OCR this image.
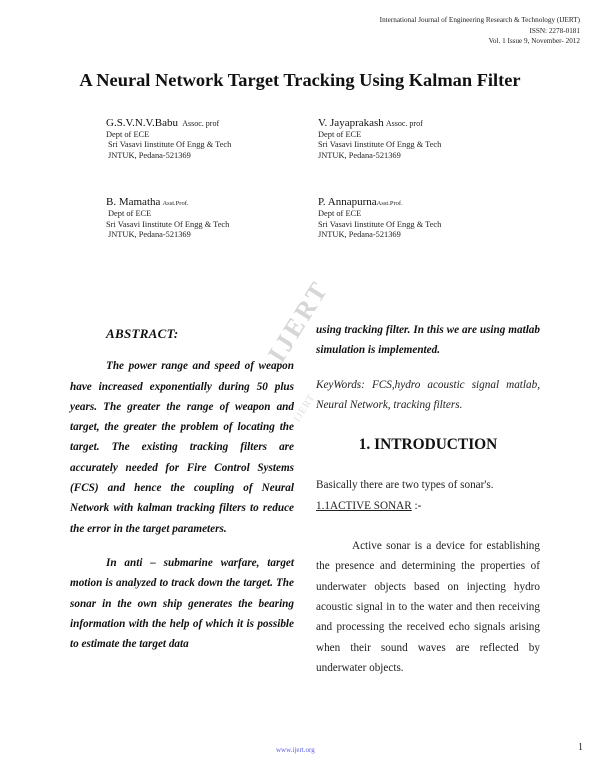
International Journal of Engineering Research & Technology (IJERT)
ISSN: 2278-0181
Vol. 1 Issue 9, November- 2012
A Neural Network Target Tracking Using Kalman Filter
G.S.V.N.V.Babu Assoc. prof
Dept of ECE
Sri Vasavi Iinstitute Of Engg & Tech
JNTUK, Pedana-521369
V. Jayaprakash Assoc. prof
Dept of ECE
Sri Vasavi Iinstitute Of Engg & Tech
JNTUK, Pedana-521369
B. Mamatha Asst.Prof.
Dept of ECE
Sri Vasavi Iinstitute Of Engg & Tech
JNTUK, Pedana-521369
P. AnnapurnaAsst.Prof.
Dept of ECE
Sri Vasavi Iinstitute Of Engg & Tech
JNTUK, Pedana-521369
IJERT
IJERT
ABSTRACT:

The power range and speed of weapon have increased exponentially during 50 plus years. The greater the range of weapon and target, the greater the problem of locating the target. The existing tracking filters are accurately needed for Fire Control Systems (FCS) and hence the coupling of Neural Network with kalman tracking filters to reduce the error in the target parameters.

In anti – submarine warfare, target motion is analyzed to track down the target. The sonar in the own ship generates the bearing information with the help of which it is possible to estimate the target data

using tracking filter. In this we are using matlab simulation is implemented.

KeyWords: FCS,hydro acoustic signal matlab, Neural Network, tracking filters.
1. INTRODUCTION
Basically there are two types of sonar's.
1.1ACTIVE SONAR :-

Active sonar is a device for establishing the presence and determining the properties of underwater objects based on injecting hydro acoustic signal in to the water and then receiving and processing the received echo signals arising when their sound waves are reflected by underwater objects.

www.ijert.org	1
